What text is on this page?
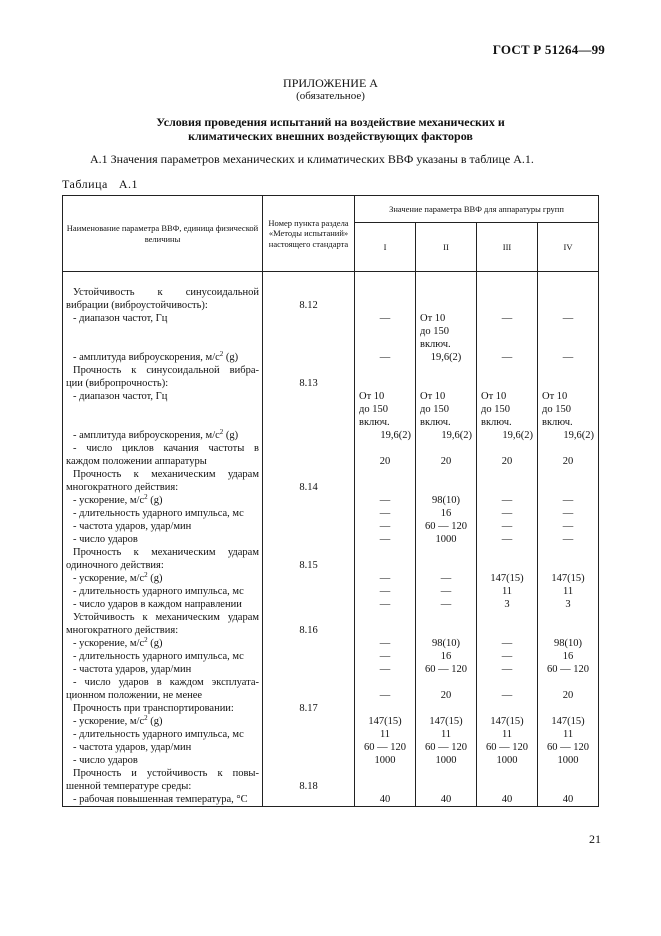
ГОСТ Р 51264—99
ПРИЛОЖЕНИЕ А
(обязательное)
Условия проведения испытаний на воздействие механических и
климатических внешних воздействующих факторов
А.1 Значения параметров механических и климатических ВВФ указаны в таблице А.1.
Таблица А.1
Наименование параметра ВВФ, единица физической величины	Номер пункта раздела «Методы испытаний» настоящего стандарта	Значение параметра ВВФ для аппаратуры групп			
		I	II	III	IV

Устойчивость к синусоидальной					
вибрации (виброустойчивость):	8.12				
- диапазон частот, Гц		—	От 10	—	—
			до 150		
			включ.		
- амплитуда виброускорения, $м/с^2$ (g)		—	19,6(2)	—	—
Прочность к синусоидальной вибра-					
ции (вибропрочность):	8.13				
- диапазон частот, Гц		От 10	От 10	От 10	От 10
		до 150	до 150	до 150	до 150
		включ.	включ.	включ.	включ.
- амплитуда виброускорения, $м/с^2$ (g)		19,6(2)	19,6(2)	19,6(2)	19,6(2)
- число циклов качания частоты в					
каждом положении аппаратуры		20	20	20	20
Прочность к механическим ударам					
многократного действия:	8.14				
- ускорение, $м/с^2$ (g)		—	98(10)	—	—
- длительность ударного импульса, мс		—	16	—	—
- частота ударов, удар/мин		—	60 — 120	—	—
- число ударов		—	1000	—	—
Прочность к механическим ударам					
одиночного действия:	8.15				
- ускорение, $м/с^2$ (g)		—	—	147(15)	147(15)
- длительность ударного импульса, мс		—	—	11	11
- число ударов в каждом направлении		—	—	3	3
Устойчивость к механическим ударам					
многократного действия:	8.16				
- ускорение, $м/с^2$ (g)		—	98(10)	—	98(10)
- длительность ударного импульса, мс		—	16	—	16
- частота ударов, удар/мин		—	60 — 120	—	60 — 120
- число ударов в каждом эксплуата-					
ционном положении, не менее		—	20	—	20
Прочность при транспортировании:	8.17				
- ускорение, $м/с^2$ (g)		147(15)	147(15)	147(15)	147(15)
- длительность ударного импульса, мс		11	11	11	11
- частота ударов, удар/мин		60 — 120	60 — 120	60 — 120	60 — 120
- число ударов		1000	1000	1000	1000
Прочность и устойчивость к повы-					
шенной температуре среды:	8.18				
- рабочая повышенная температура, °С		40	40	40	40
21
